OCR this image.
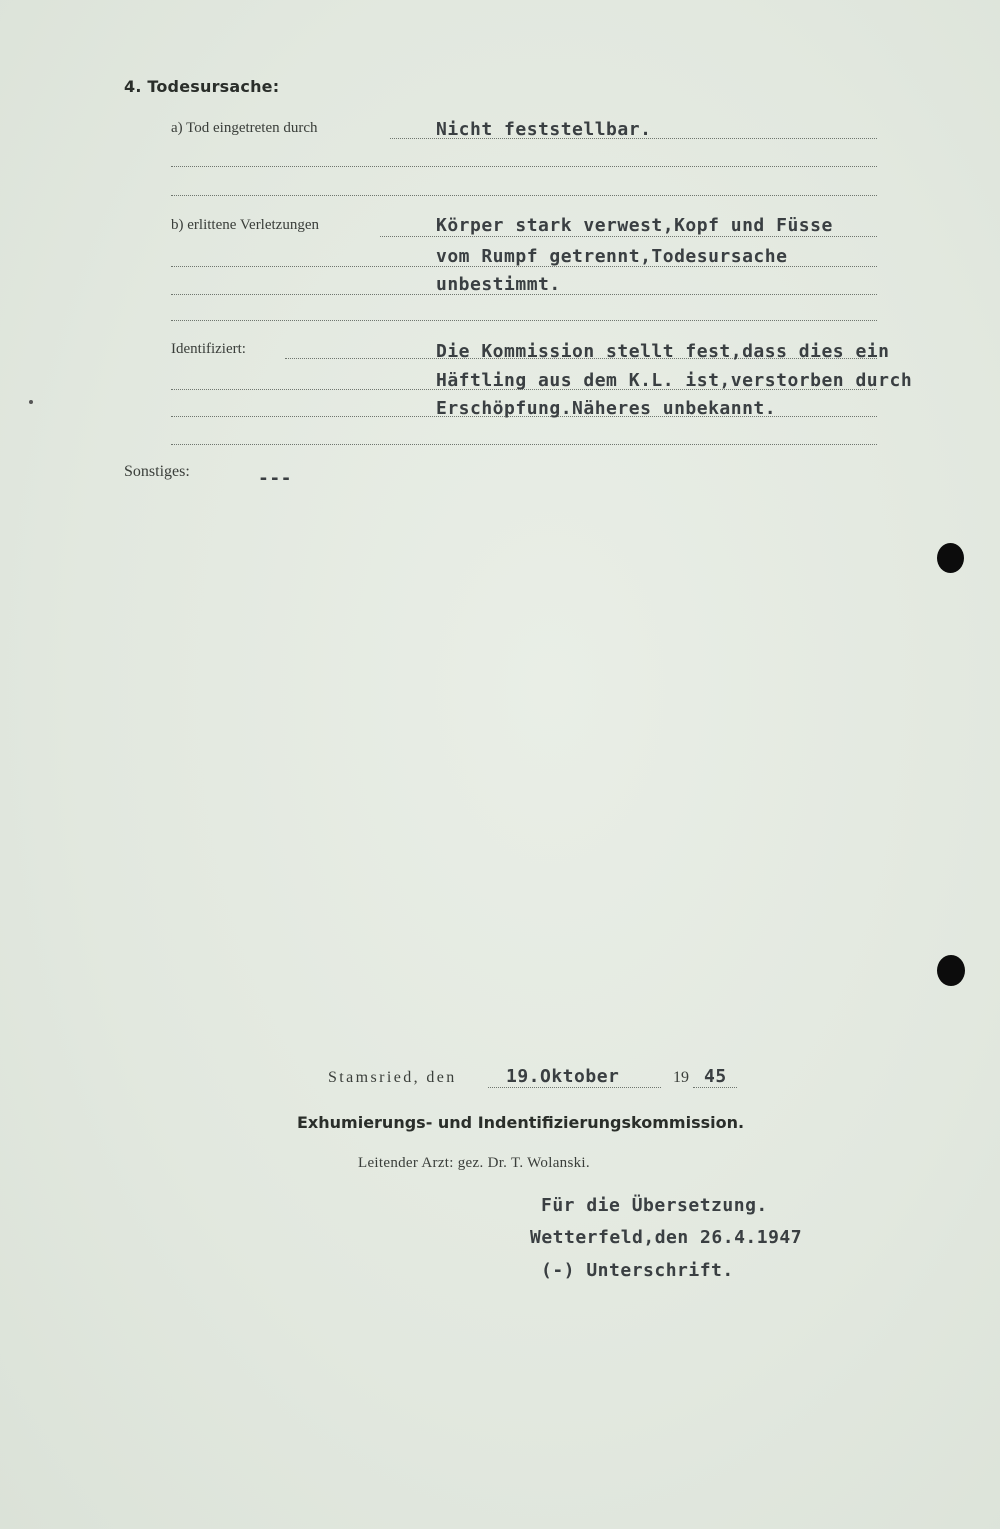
4. Todesursache:
a) Tod eingetreten durch	Nicht feststellbar.
b) erlittene Verletzungen	Körper stark verwest,Kopf und Füsse
vom Rumpf getrennt,Todesursache
unbestimmt.
Identifiziert:	Die Kommission stellt fest,dass dies ein
Häftling aus dem K.L. ist,verstorben durch
Erschöpfung.Näheres unbekannt.
Sonstiges:	---
Stamsried, den	19.Oktober	19 45
Exhumierungs- und Indentifizierungskommission.
Leitender Arzt: gez. Dr. T. Wolanski.
Für die Übersetzung.
Wetterfeld,den 26.4.1947
(-) Unterschrift.
